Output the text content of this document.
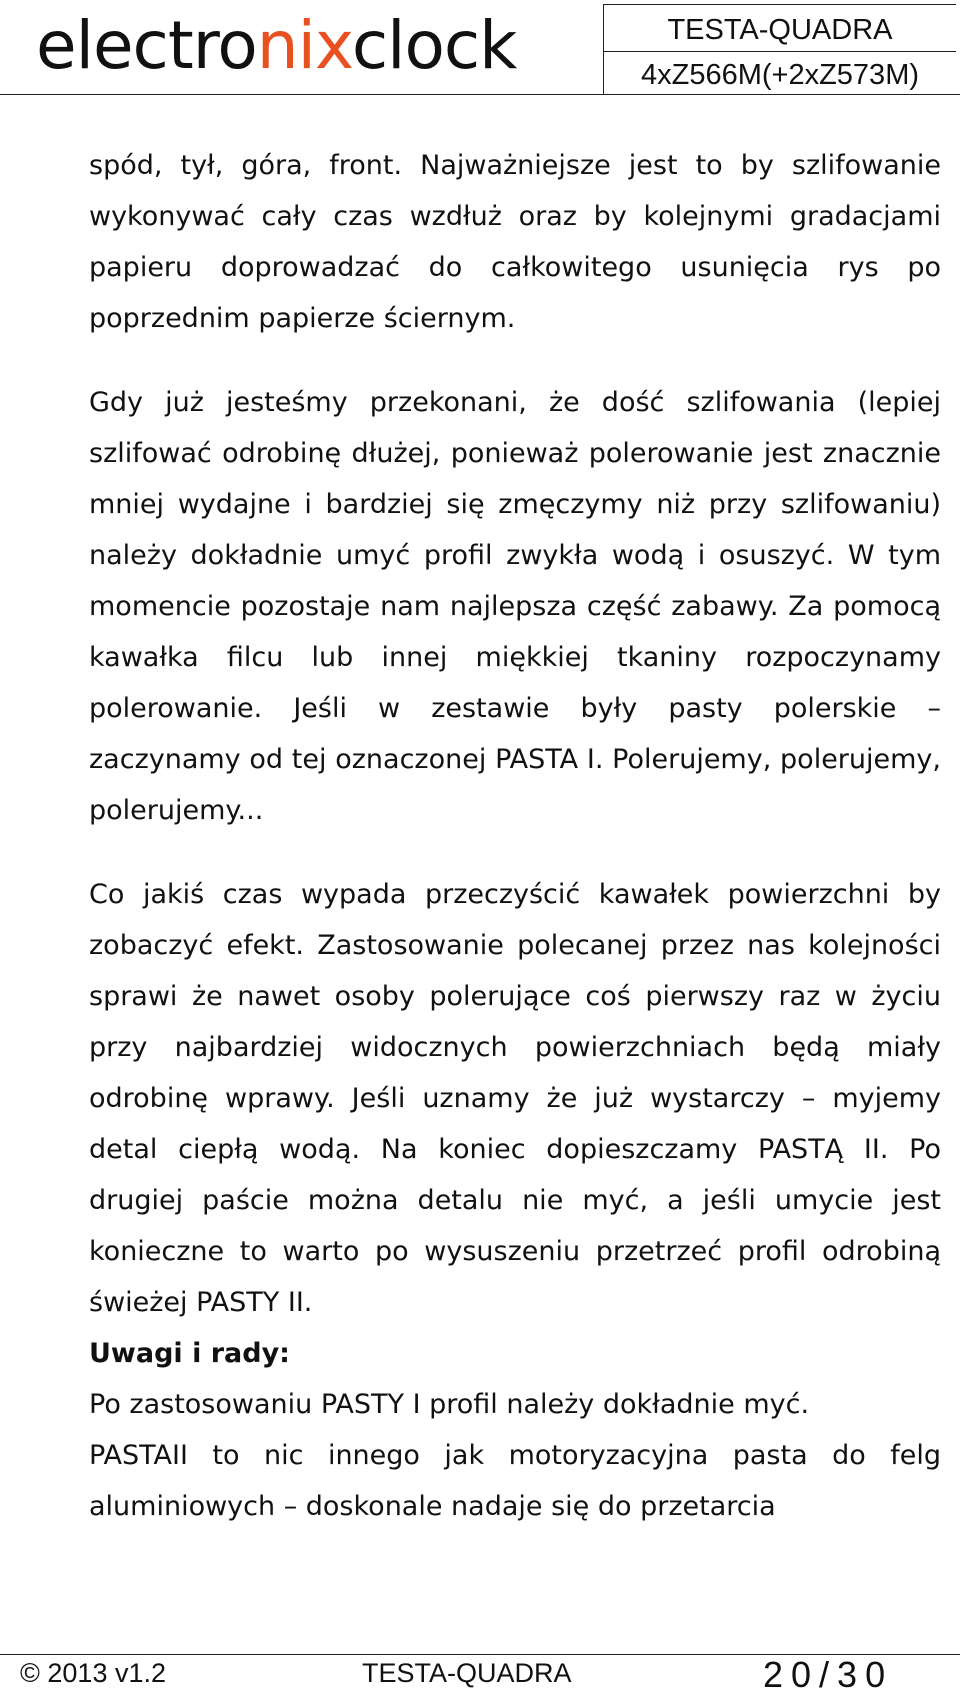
electronixclock	TESTA-QUADRA
4xZ566M(+2xZ573M)

spód, tył, góra, front. Najważniejsze jest to by szlifowanie wykonywać cały czas wzdłuż oraz by kolejnymi gradacjami papieru doprowadzać do całkowitego usunięcia rys po poprzednim papierze ściernym.

Gdy już jesteśmy przekonani, że dość szlifowania (lepiej szlifować odrobinę dłużej, ponieważ polerowanie jest znacznie mniej wydajne i bardziej się zmęczymy niż przy szlifowaniu) należy dokładnie umyć profil zwykła wodą i osuszyć. W tym momencie pozostaje nam najlepsza część zabawy. Za pomocą kawałka filcu lub innej miękkiej tkaniny rozpoczynamy polerowanie. Jeśli w zestawie były pasty polerskie – zaczynamy od tej oznaczonej PASTA I. Polerujemy, polerujemy, polerujemy...

Co jakiś czas wypada przeczyścić kawałek powierzchni by zobaczyć efekt. Zastosowanie polecanej przez nas kolejności sprawi że nawet osoby polerujące coś pierwszy raz w życiu przy najbardziej widocznych powierzchniach będą miały odrobinę wprawy. Jeśli uznamy że już wystarczy – myjemy detal ciepłą wodą. Na koniec dopieszczamy PASTĄ II. Po drugiej paście można detalu nie myć, a jeśli umycie jest konieczne to warto po wysuszeniu przetrzeć profil odrobiną świeżej PASTY II.

Uwagi i rady:

Po zastosowaniu PASTY I profil należy dokładnie myć.

PASTAII to nic innego jak motoryzacyjna pasta do felg aluminiowych – doskonale nadaje się do przetarcia

© 2013 v1.2	TESTA-QUADRA	20/30
